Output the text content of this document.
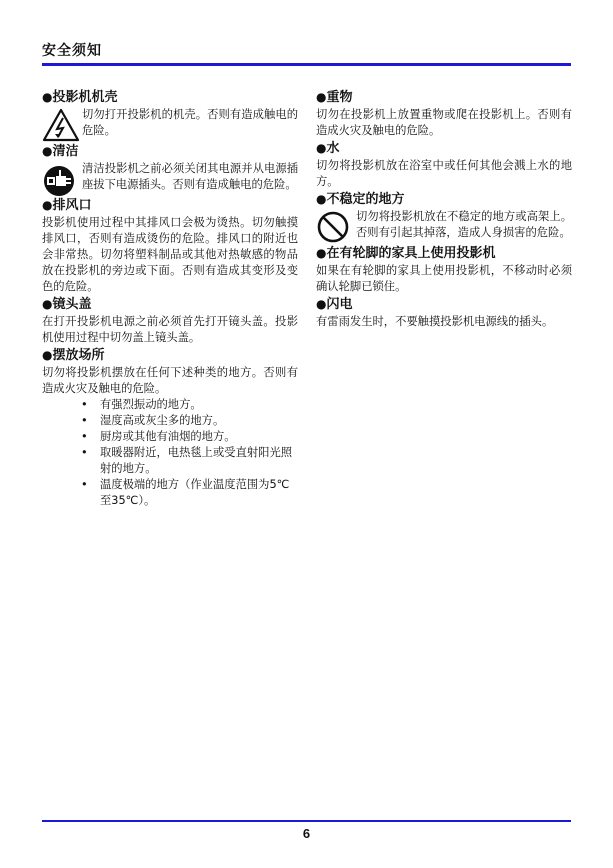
安全须知

●投影机机壳

切勿打开投影机的机壳。否则有造成触电的危险。

●清洁

清洁投影机之前必须关闭其电源并从电源插座拔下电源插头。否则有造成触电的危险。

●排风口

投影机使用过程中其排风口会极为烫热。切勿触摸排风口，否则有造成烫伤的危险。排风口的附近也会非常热。切勿将塑料制品或其他对热敏感的物品放在投影机的旁边或下面。否则有造成其变形及变色的危险。

●镜头盖

在打开投影机电源之前必须首先打开镜头盖。投影机使用过程中切勿盖上镜头盖。

●摆放场所

切勿将投影机摆放在任何下述种类的地方。否则有造成火灾及触电的危险。

• 有强烈振动的地方。
• 湿度高或灰尘多的地方。
• 厨房或其他有油烟的地方。
• 取暖器附近，电热毯上或受直射阳光照射的地方。
• 温度极端的地方（作业温度范围为5℃ 至35℃）。

●重物

切勿在投影机上放置重物或爬在投影机上。否则有造成火灾及触电的危险。

●水

切勿将投影机放在浴室中或任何其他会溅上水的地方。

●不稳定的地方

切勿将投影机放在不稳定的地方或高架上。否则有引起其掉落，造成人身损害的危险。

●在有轮脚的家具上使用投影机

如果在有轮脚的家具上使用投影机，不移动时必须确认轮脚已锁住。

●闪电

有雷雨发生时，不要触摸投影机电源线的插头。

6
